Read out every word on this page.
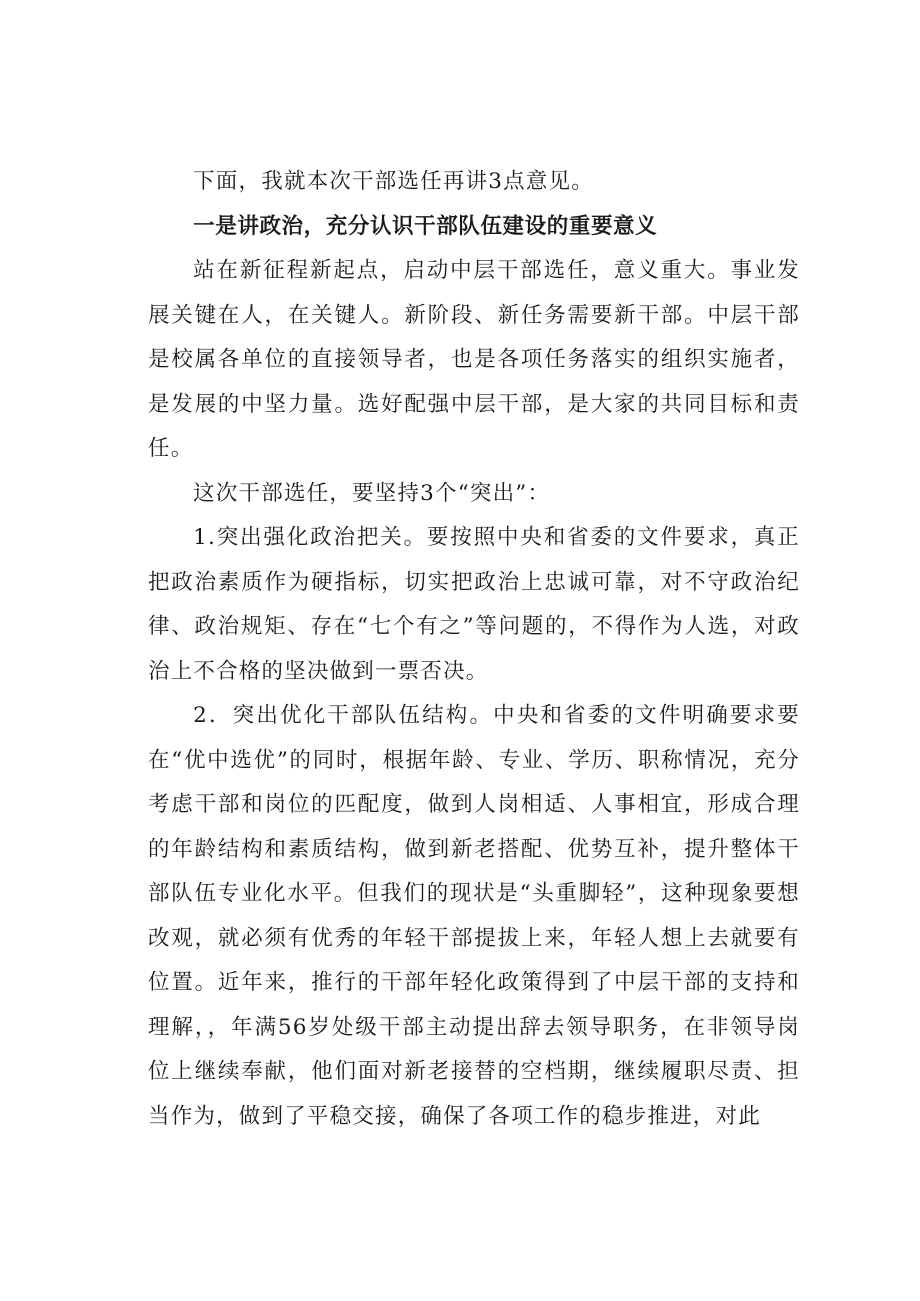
下面，我就本次干部选任再讲3点意见。

一是讲政治，充分认识干部队伍建设的重要意义

站在新征程新起点，启动中层干部选任，意义重大。事业发展关键在人，在关键人。新阶段、新任务需要新干部。中层干部是校属各单位的直接领导者，也是各项任务落实的组织实施者，是发展的中坚力量。选好配强中层干部，是大家的共同目标和责任。

这次干部选任，要坚持3个“突出”：

1.突出强化政治把关。要按照中央和省委的文件要求，真正把政治素质作为硬指标，切实把政治上忠诚可靠，对不守政治纪律、政治规矩、存在“七个有之”等问题的，不得作为人选，对政治上不合格的坚决做到一票否决。

2．突出优化干部队伍结构。中央和省委的文件明确要求要在“优中选优”的同时，根据年龄、专业、学历、职称情况，充分考虑干部和岗位的匹配度，做到人岗相适、人事相宜，形成合理的年龄结构和素质结构，做到新老搭配、优势互补，提升整体干部队伍专业化水平。但我们的现状是“头重脚轻”，这种现象要想改观，就必须有优秀的年轻干部提拔上来，年轻人想上去就要有位置。近年来，推行的干部年轻化政策得到了中层干部的支持和理解，，年满56岁处级干部主动提出辞去领导职务，在非领导岗位上继续奉献，他们面对新老接替的空档期，继续履职尽责、担当作为，做到了平稳交接，确保了各项工作的稳步推进，对此
